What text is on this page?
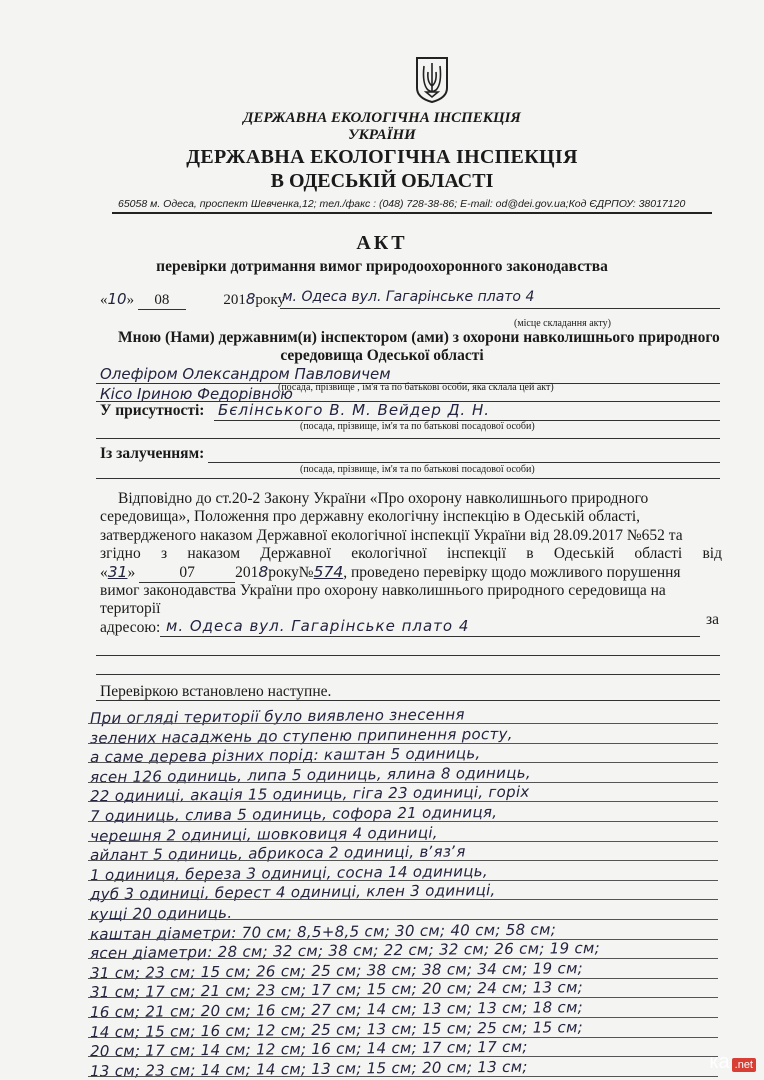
ДЕРЖАВНА ЕКОЛОГІЧНА ІНСПЕКЦІЯ
УКРАЇНИ
ДЕРЖАВНА ЕКОЛОГІЧНА ІНСПЕКЦІЯ
В ОДЕСЬКІЙ ОБЛАСТІ
65058 м. Одеса, проспект Шевченка,12; тел./факс : (048) 728-38-86; E-mail: od@dei.gov.ua;Код ЄДРПОУ: 38017120
АКТ
перевірки дотримання вимог природоохоронного законодавства
«10» 08	2018року
м. Одеса вул. Гагарінське плато 4
(місце складання акту)
Мною (Нами) державним(и) інспектором (ами) з охорони навколишнього природного
середовища Одеської області
Олефіром Олександром Павловичем
(посада, прізвище , ім'я та по батькові особи, яка склала цей акт)
Кісо Іриною Федорівною
У присутності: Бєлінського В. М. Вейдер Д. Н.
(посада, прізвище, ім'я та по батькові посадової особи)
Із залученням:
(посада, прізвище, ім'я та по батькові посадової особи)
Відповідно до ст.20-2 Закону України «Про охорону навколишнього природного
середовища», Положення про державну екологічну інспекцію в Одеській області,
затвердженого наказом Державної екологічної інспекції України від 28.09.2017 №652 та
згідно з наказом Державної екологічної інспекції в Одеській області від
«31»	07	2018року№574, проведено перевірку щодо можливого порушення
вимог законодавства України про охорону навколишнього природного середовища на
території
за
адресою: м. Одеса вул. Гагарінське плато 4
Перевіркою встановлено наступне.
При огляді території було виявлено знесення
зелених насаджень до ступеню припинення росту,
а саме дерева різних порід: каштан 5 одиниць,
ясен 126 одиниць, липа 5 одиниць, ялина 8 одиниць,
22 одиниці, акація 15 одиниць, гіга 23 одиниці, горіх
7 одиниць, слива 5 одиниць, софора 21 одиниця,
черешня 2 одиниці, шовковиця 4 одиниці,
айлант 5 одиниць, абрикоса 2 одиниці, вʼязʼя
1 одиниця, береза 3 одиниці, сосна 14 одиниць,
дуб 3 одиниці, берест 4 одиниці, клен 3 одиниці,
кущі 20 одиниць.
каштан діаметри: 70 см; 8,5+8,5 см; 30 см; 40 см; 58 см;
ясен діаметри: 28 см; 32 см; 38 см; 22 см; 32 см; 26 см; 19 см;
31 см; 23 см; 15 см; 26 см; 25 см; 38 см; 38 см; 34 см; 19 см;
31 см; 17 см; 21 см; 23 см; 17 см; 15 см; 20 см; 24 см; 13 см;
16 см; 21 см; 20 см; 16 см; 27 см; 14 см; 13 см; 13 см; 18 см;
14 см; 15 см; 16 см; 12 см; 25 см; 13 см; 15 см; 25 см; 15 см;
20 см; 17 см; 14 см; 12 см; 16 см; 14 см; 17 см; 17 см;
13 см; 23 см; 14 см; 14 см; 13 см; 15 см; 20 см; 13 см;	ка .net
